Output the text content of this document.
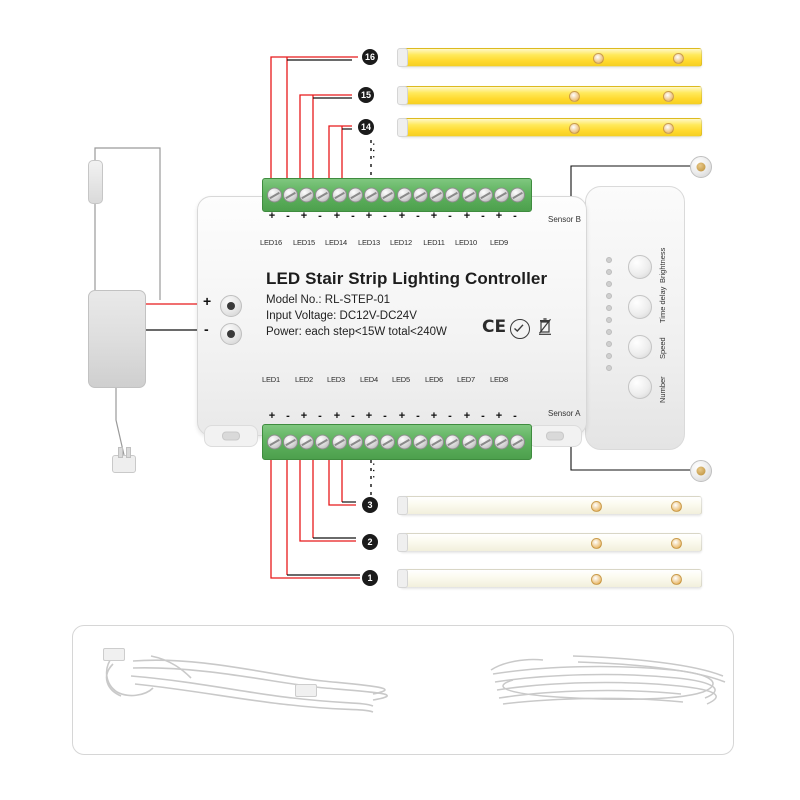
16
15
14
3
2
1
Brightness
Time delay
Speed
Number
LED Stair Strip Lighting Controller
Model No.: RL-STEP-01
Input Voltage: DC12V-DC24V
Power: each step<15W total<240W CE
+
-
+ - + -	+ - + -	+ - + -	+ - + -
LED16	LED15	LED14	LED13	LED12	LED11	LED10	LED9
LED1	LED2	LED3	LED4	LED5	LED6	LED7	LED8
+ - + -	+ - + -	+ - + -	+ - + -
Sensor B
Sensor A
···
···
